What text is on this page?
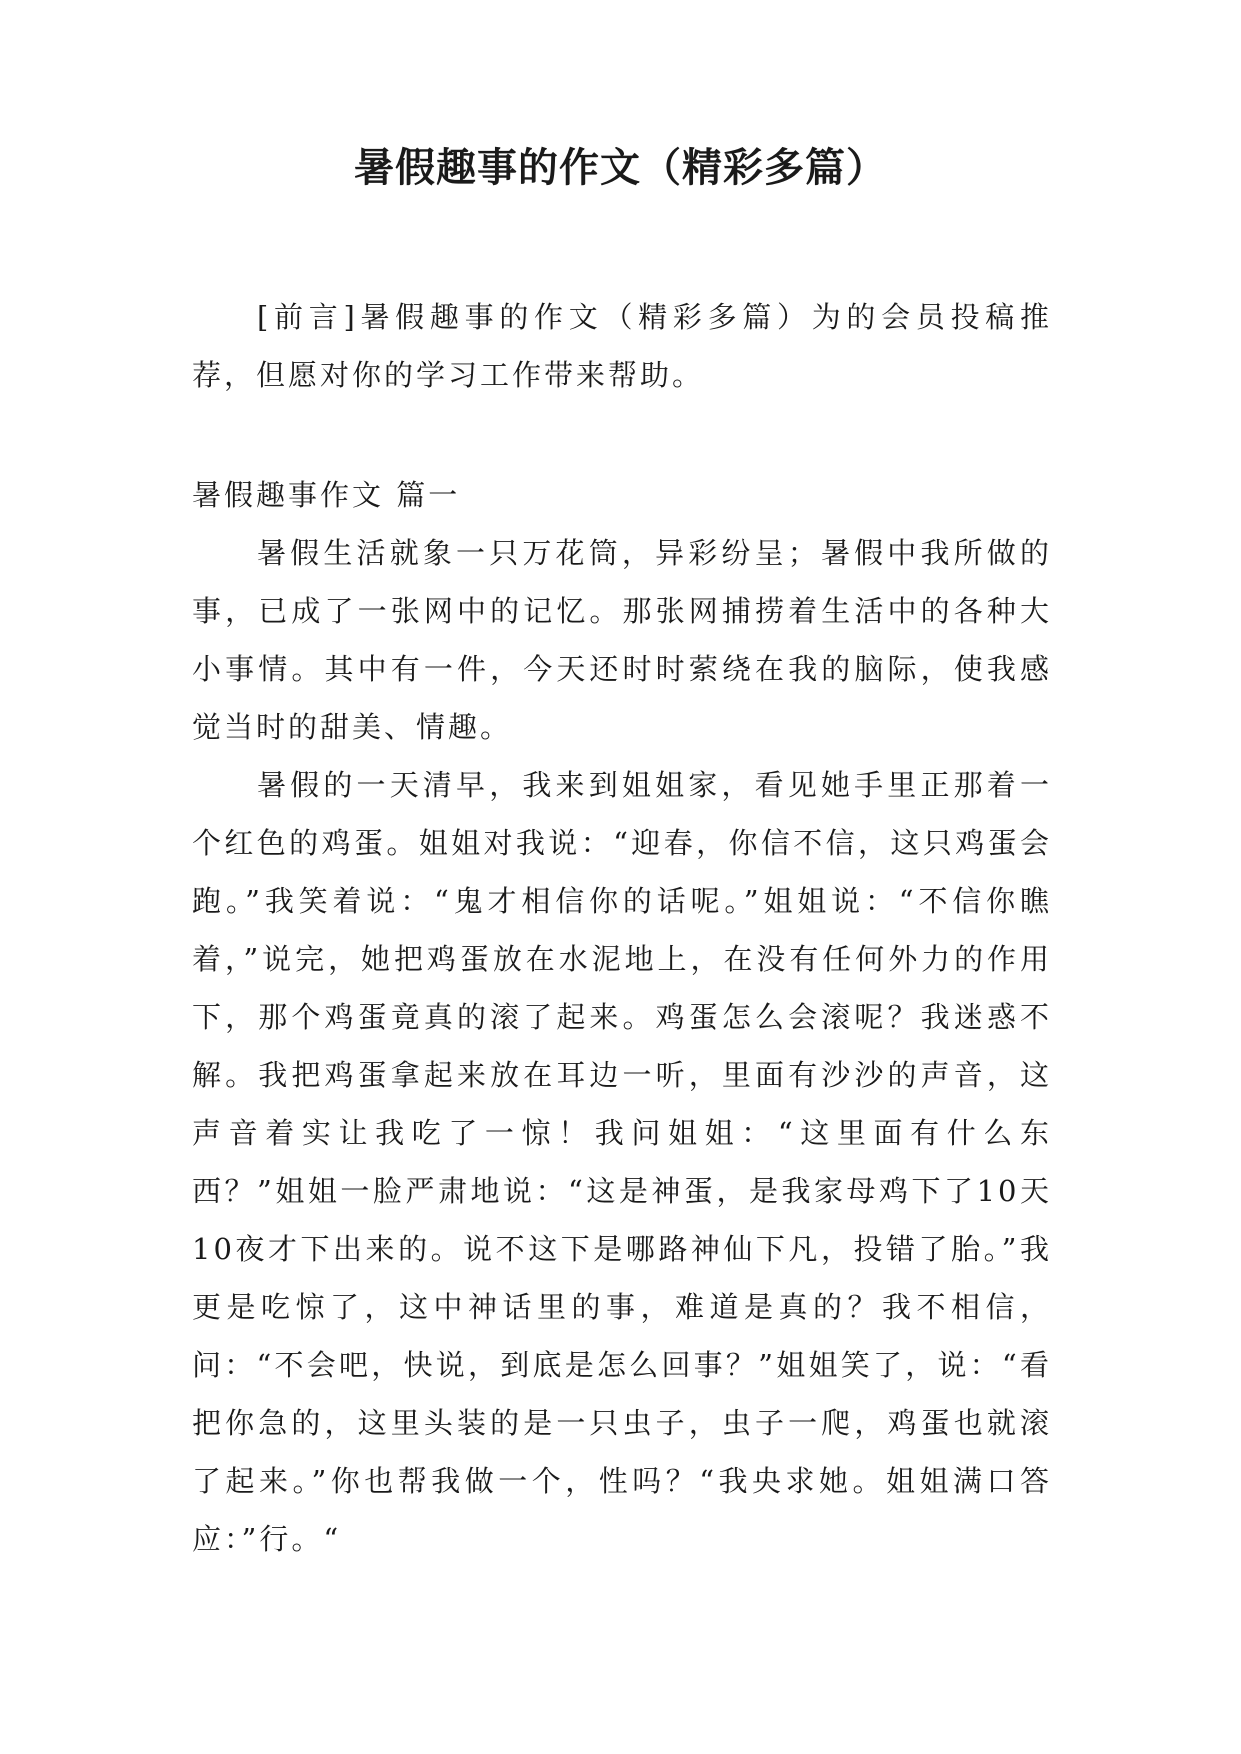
暑假趣事的作文（精彩多篇）

[前言]暑假趣事的作文（精彩多篇）为的会员投稿推荐，但愿对你的学习工作带来帮助。

暑假趣事作文 篇一

暑假生活就象一只万花筒，异彩纷呈；暑假中我所做的事，已成了一张网中的记忆。那张网捕捞着生活中的各种大小事情。其中有一件，今天还时时萦绕在我的脑际，使我感觉当时的甜美、情趣。

暑假的一天清早，我来到姐姐家，看见她手里正那着一个红色的鸡蛋。姐姐对我说：“迎春，你信不信，这只鸡蛋会跑。”我笑着说：“鬼才相信你的话呢。”姐姐说：“不信你瞧着，”说完，她把鸡蛋放在水泥地上，在没有任何外力的作用下，那个鸡蛋竟真的滚了起来。鸡蛋怎么会滚呢？我迷惑不解。我把鸡蛋拿起来放在耳边一听，里面有沙沙的声音，这声音着实让我吃了一惊！我问姐姐：“这里面有什么东西？”姐姐一脸严肃地说：“这是神蛋，是我家母鸡下了10天10夜才下出来的。说不这下是哪路神仙下凡，投错了胎。”我更是吃惊了，这中神话里的事，难道是真的？我不相信，问：“不会吧，快说，到底是怎么回事？”姐姐笑了，说：“看把你急的，这里头装的是一只虫子，虫子一爬，鸡蛋也就滚了起来。”你也帮我做一个，性吗？“我央求她。姐姐满口答应：”行。“
